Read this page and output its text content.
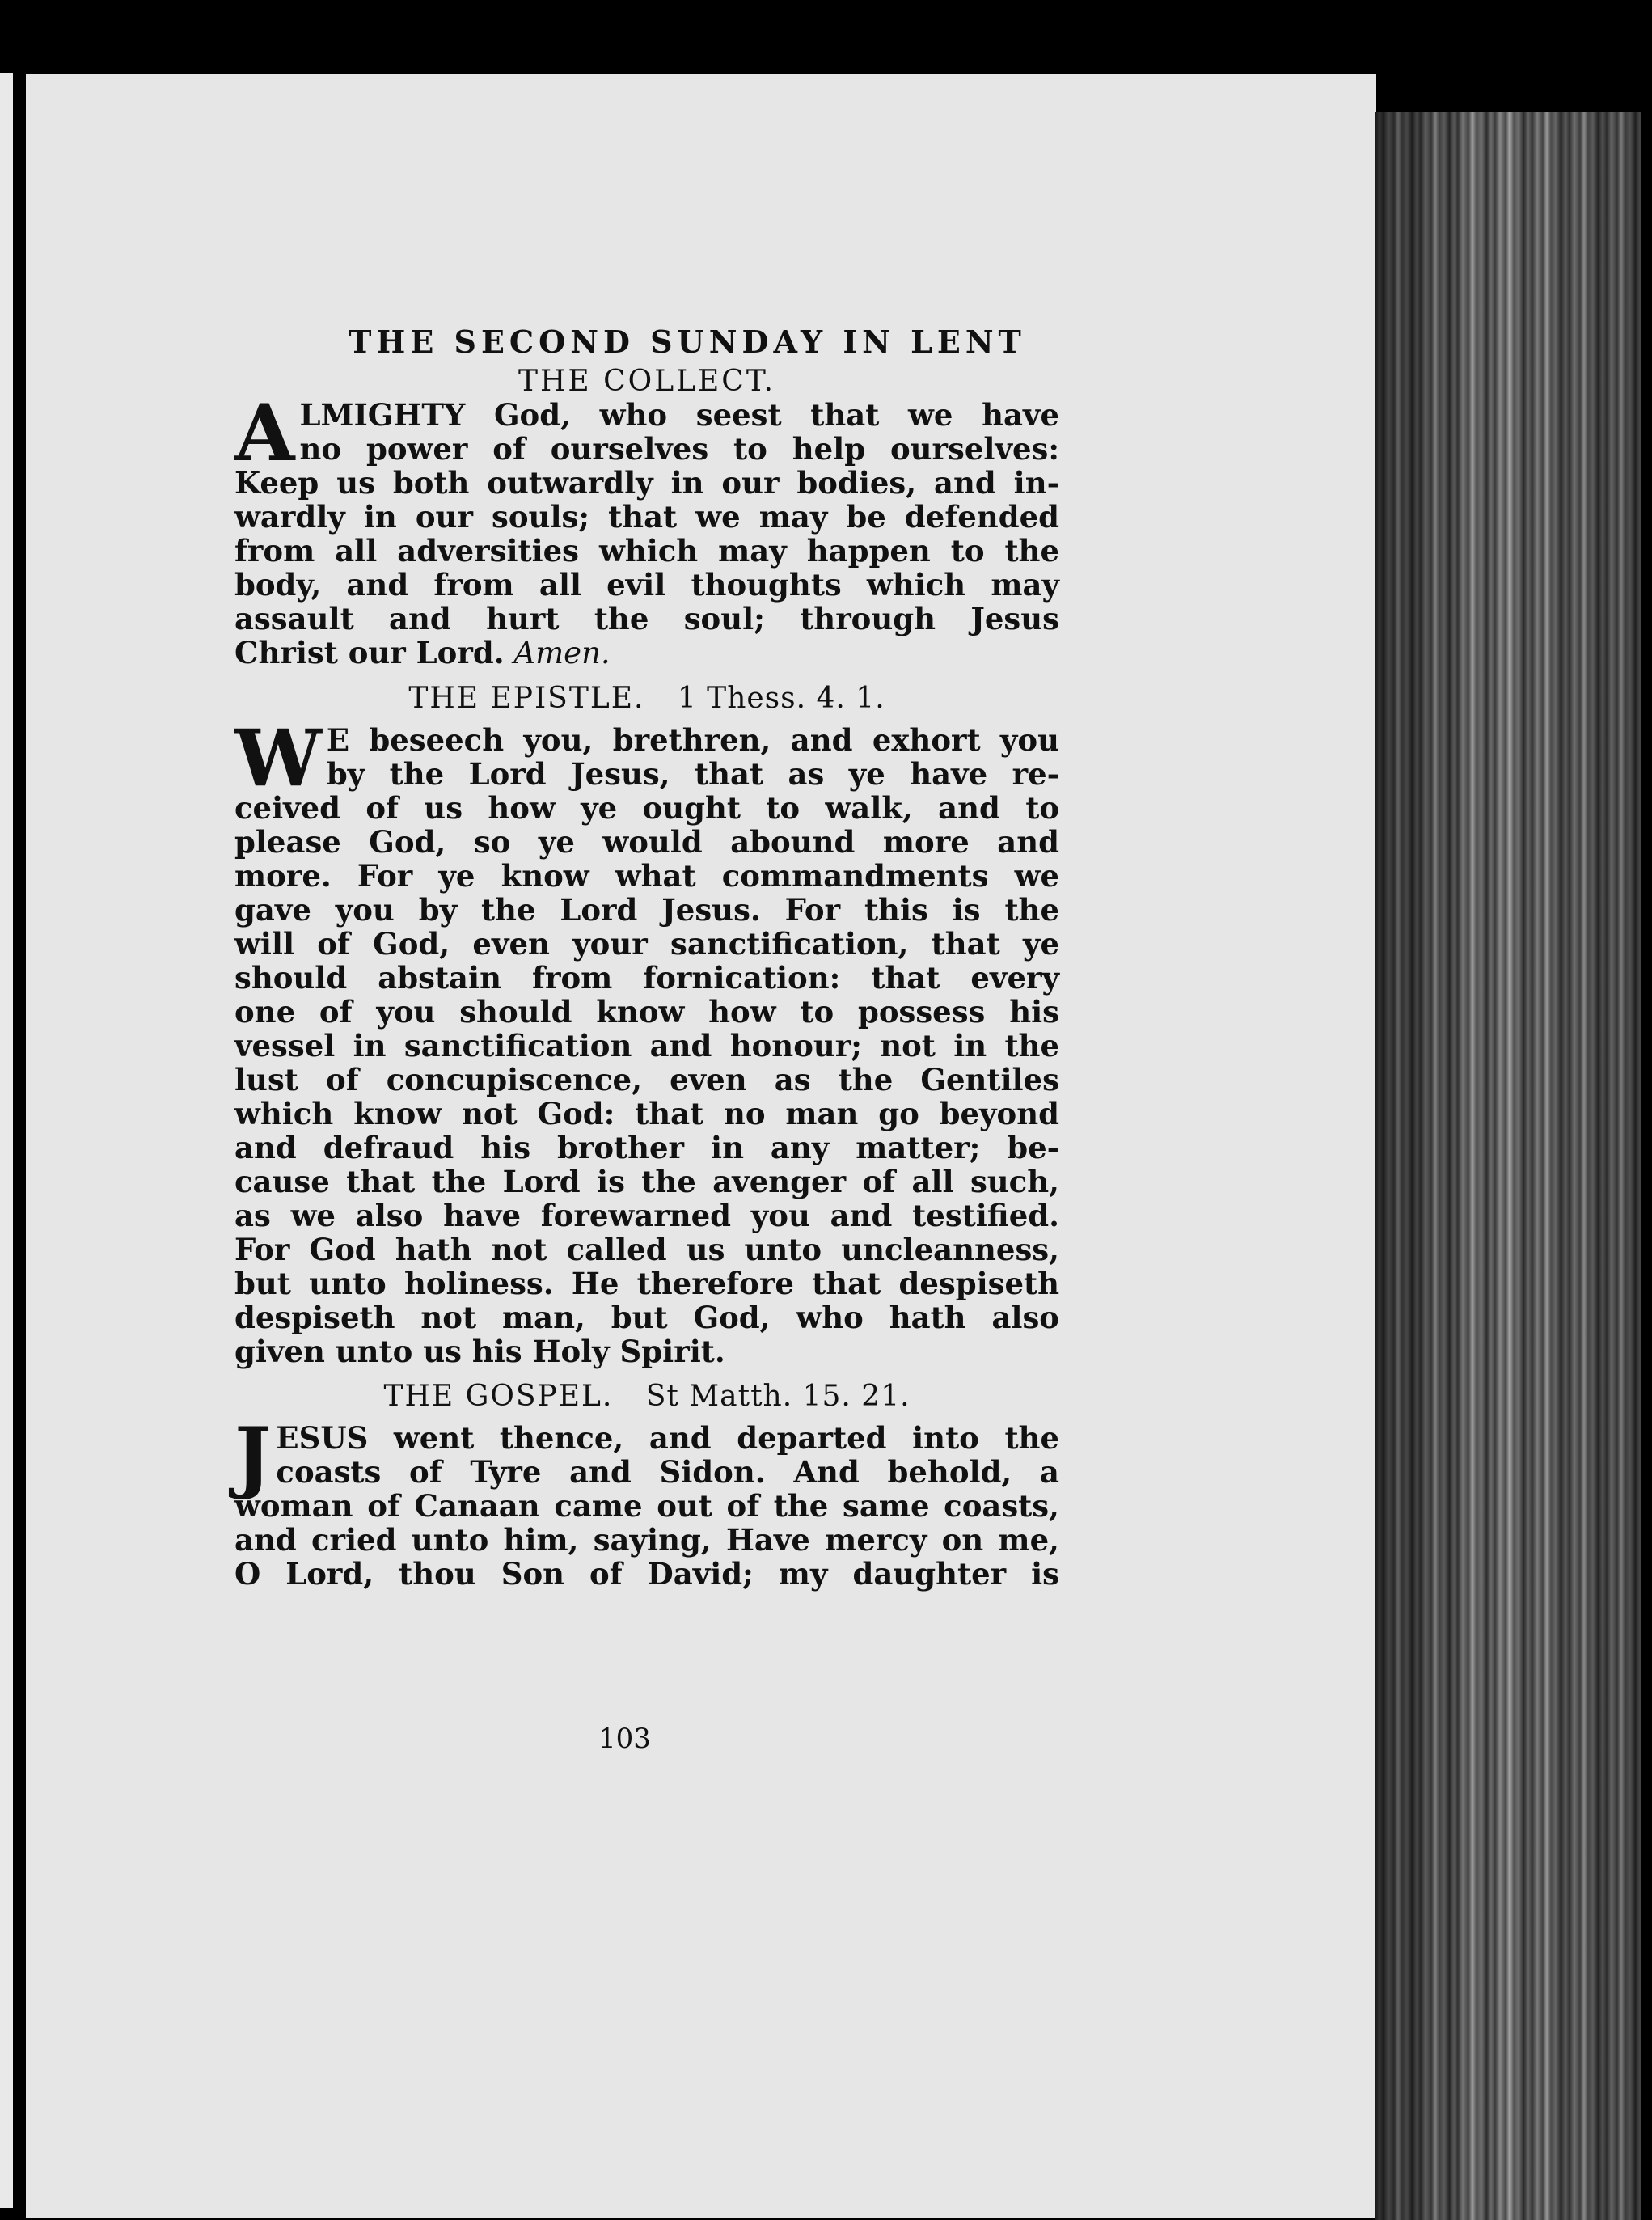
THE SECOND SUNDAY IN LENT
THE COLLECT.
A LMIGHTY God, who seest that we have
no power of ourselves to help ourselves:
Keep us both outwardly in our bodies, and in-
wardly in our souls; that we may be defended
from all adversities which may happen to the
body, and from all evil thoughts which may
assault and hurt the soul; through Jesus
Christ our Lord. Amen.
THE EPISTLE. 1 Thess. 4. 1.
W E beseech you, brethren, and exhort you
by the Lord Jesus, that as ye have re-
ceived of us how ye ought to walk, and to
please God, so ye would abound more and
more. For ye know what commandments we
gave you by the Lord Jesus. For this is the
will of God, even your sanctification, that ye
should abstain from fornication: that every
one of you should know how to possess his
vessel in sanctification and honour; not in the
lust of concupiscence, even as the Gentiles
which know not God: that no man go beyond
and defraud his brother in any matter; be-
cause that the Lord is the avenger of all such,
as we also have forewarned you and testified.
For God hath not called us unto uncleanness,
but unto holiness. He therefore that despiseth
despiseth not man, but God, who hath also
given unto us his Holy Spirit.
THE GOSPEL. St Matth. 15. 21.
J ESUS went thence, and departed into the
coasts of Tyre and Sidon. And behold, a
woman of Canaan came out of the same coasts,
and cried unto him, saying, Have mercy on me,
O Lord, thou Son of David; my daughter is
103
